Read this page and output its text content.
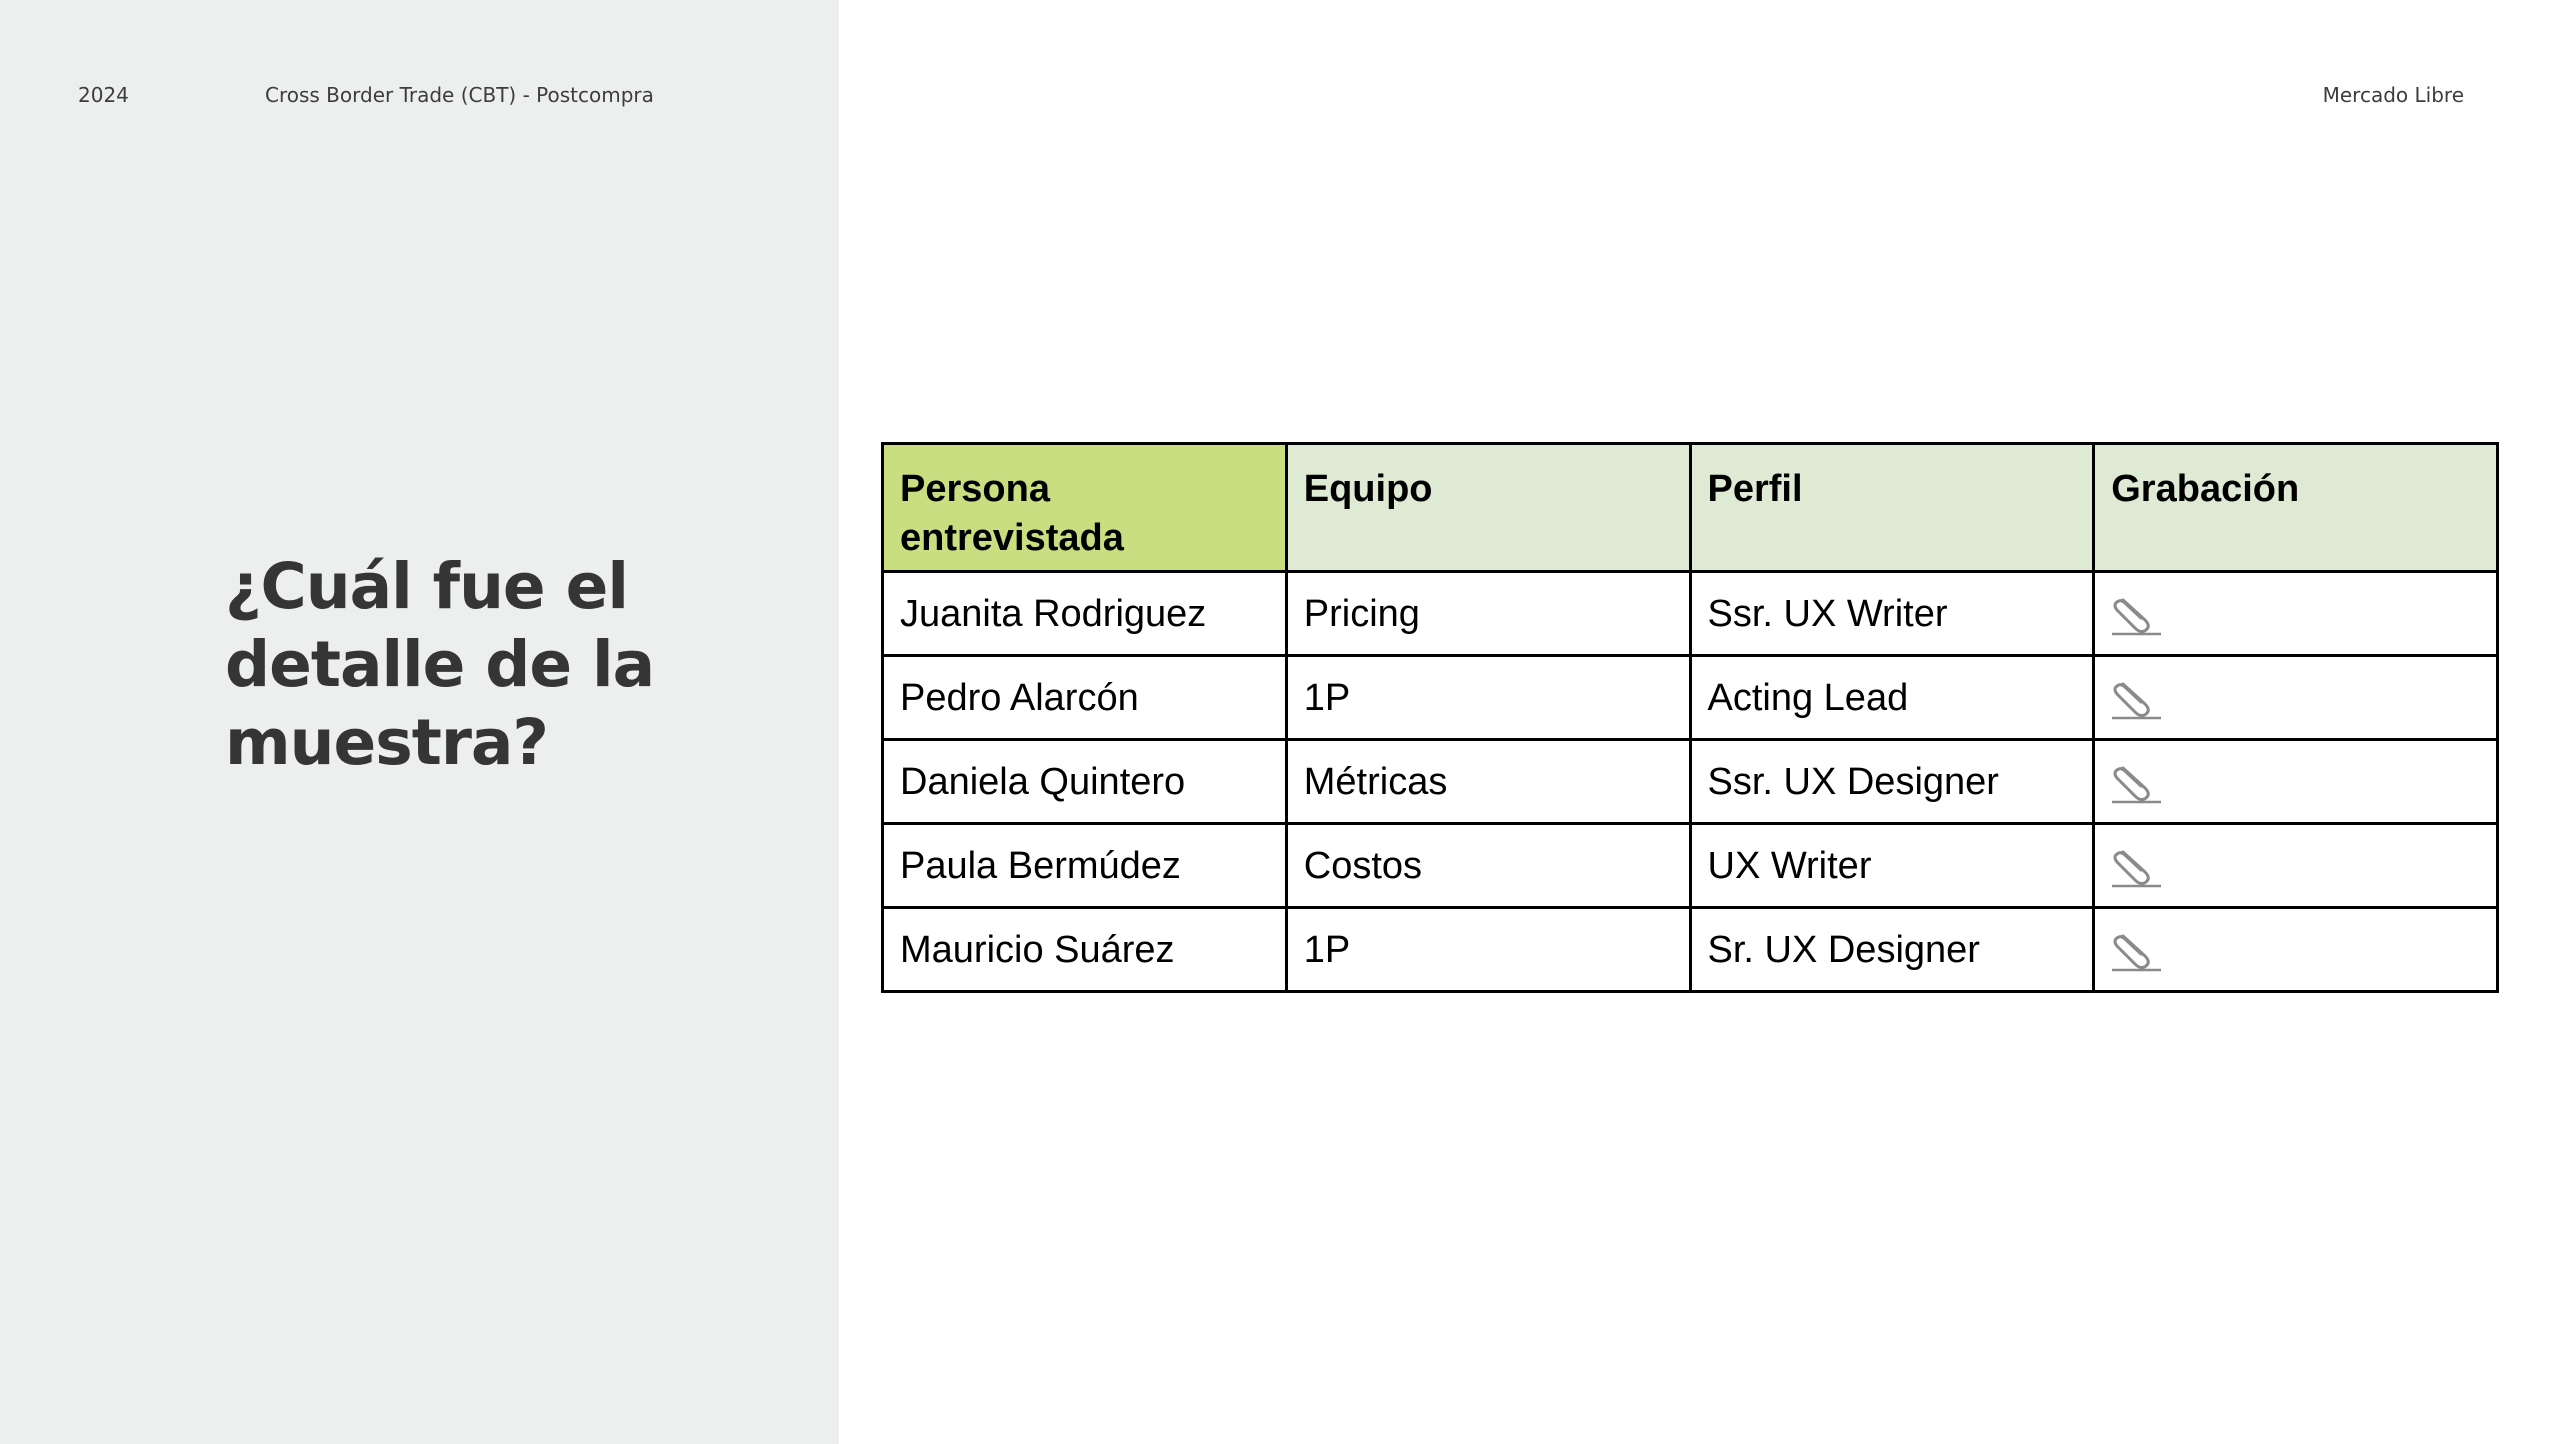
2024	Cross Border Trade (CBT) - Postcompra	Mercado Libre
¿Cuál fue el detalle de la muestra?
Persona entrevistada	Equipo	Perfil	Grabación
Juanita Rodriguez	Pricing	Ssr. UX Writer	
Pedro Alarcón	1P	Acting Lead	
Daniela Quintero	Métricas	Ssr. UX Designer	
Paula Bermúdez	Costos	UX Writer	
Mauricio Suárez	1P	Sr. UX Designer	
